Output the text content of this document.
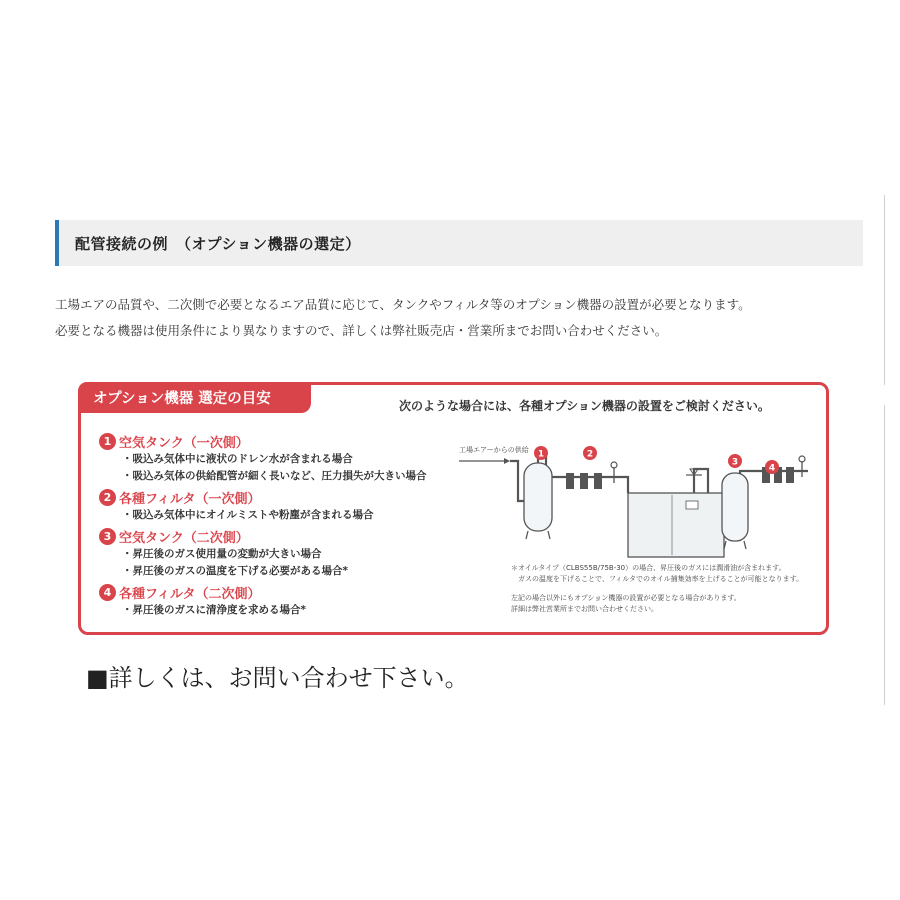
配管接続の例　（オプション機器の選定）
工場エアの品質や、二次側で必要となるエア品質に応じて、タンクやフィルタ等のオプション機器の設置が必要となります。
必要となる機器は使用条件により異なりますので、詳しくは弊社販売店・営業所までお問い合わせください。
オプション機器 選定の目安	次のような場合には、各種オプション機器の設置をご検討ください。
1 空気タンク（一次側）
・吸込み気体中に液状のドレン水が含まれる場合
・吸込み気体の供給配管が細く長いなど、圧力損失が大きい場合
2 各種フィルタ（一次側）
・吸込み気体中にオイルミストや粉塵が含まれる場合
3 空気タンク（二次側）
・昇圧後のガス使用量の変動が大きい場合
・昇圧後のガスの温度を下げる必要がある場合*
4 各種フィルタ（二次側）
・昇圧後のガスに清浄度を求める場合*
工場エアーからの供給 1	2
3
4

＊オイルタイプ（CLBS55B/75B-30）の場合、昇圧後のガスには潤滑油が含まれます。

　ガスの温度を下げることで、フィルタでのオイル捕集効率を上げることが可能となります。

左記の場合以外にもオプション機器の設置が必要となる場合があります。

詳細は弊社営業所までお問い合わせください。

■詳しくは、お問い合わせ下さい。
